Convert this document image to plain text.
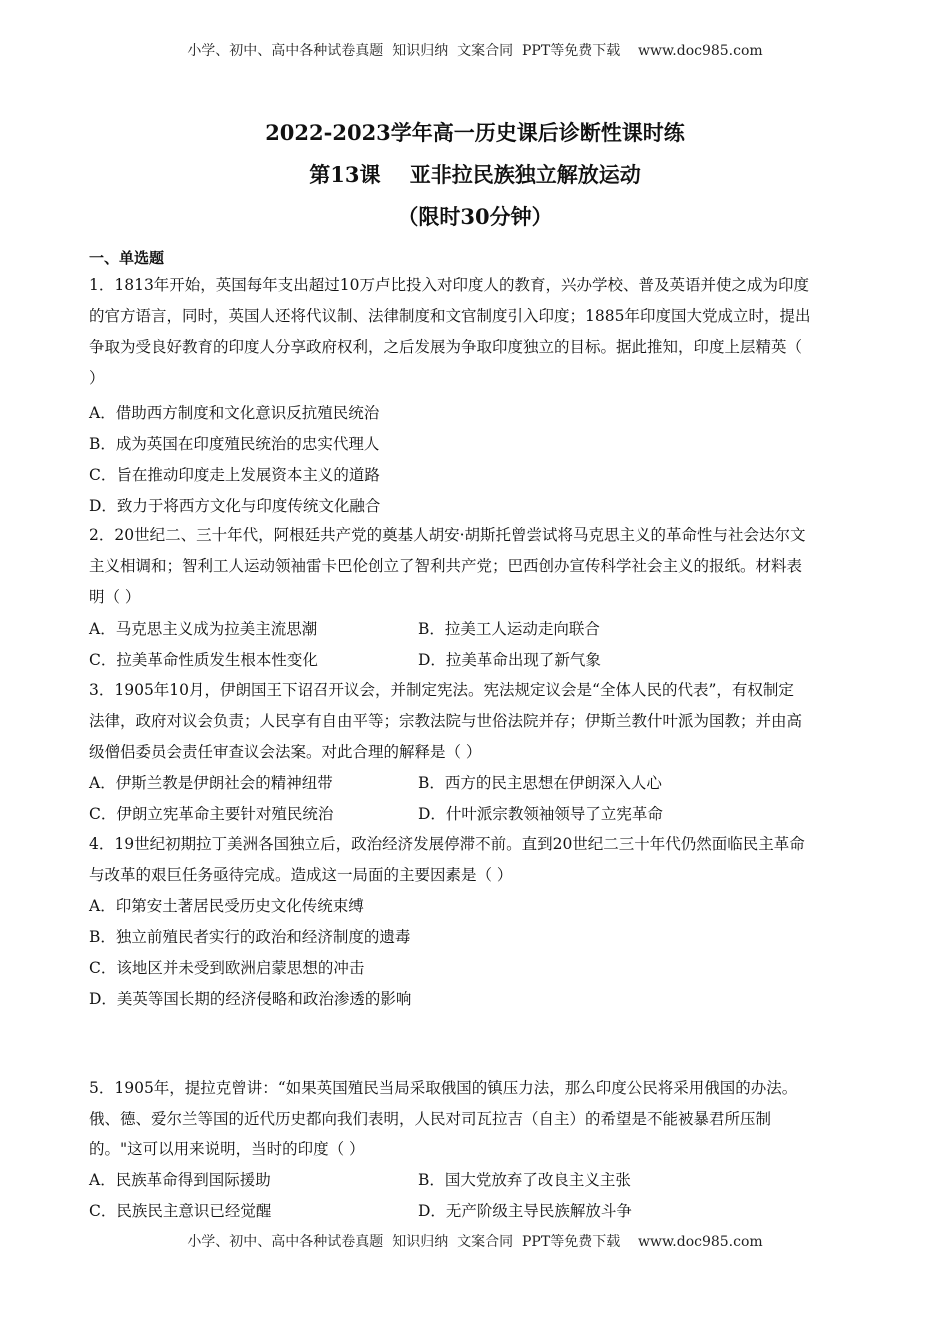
小学、初中、高中各种试卷真题  知识归纳  文案合同  PPT等免费下载    www.doc985.com
2022-2023学年高一历史课后诊断性课时练
第13课    亚非拉民族独立解放运动
（限时30分钟）
一、单选题
1．1813年开始，英国每年支出超过10万卢比投入对印度人的教育，兴办学校、普及英语并使之成为印度
的官方语言，同时，英国人还将代议制、法律制度和文官制度引入印度；1885年印度国大党成立时，提出
争取为受良好教育的印度人分享政府权利，之后发展为争取印度独立的目标。据此推知，印度上层精英（
）
A．借助西方制度和文化意识反抗殖民统治
B．成为英国在印度殖民统治的忠实代理人
C．旨在推动印度走上发展资本主义的道路
D．致力于将西方文化与印度传统文化融合
2．20世纪二、三十年代，阿根廷共产党的奠基人胡安·胡斯托曾尝试将马克思主义的革命性与社会达尔文
主义相调和；智利工人运动领袖雷卡巴伦创立了智利共产党；巴西创办宣传科学社会主义的报纸。材料表
明（ ）
A．马克思主义成为拉美主流思潮	B．拉美工人运动走向联合
C．拉美革命性质发生根本性变化	D．拉美革命出现了新气象
3．1905年10月，伊朗国王下诏召开议会，并制定宪法。宪法规定议会是“全体人民的代表”，有权制定
法律，政府对议会负责；人民享有自由平等；宗教法院与世俗法院并存；伊斯兰教什叶派为国教；并由高
级僧侣委员会责任审查议会法案。对此合理的解释是（ ）
A．伊斯兰教是伊朗社会的精神纽带	B．西方的民主思想在伊朗深入人心
C．伊朗立宪革命主要针对殖民统治	D．什叶派宗教领袖领导了立宪革命
4．19世纪初期拉丁美洲各国独立后，政治经济发展停滞不前。直到20世纪二三十年代仍然面临民主革命
与改革的艰巨任务亟待完成。造成这一局面的主要因素是（ ）
A．印第安土著居民受历史文化传统束缚
B．独立前殖民者实行的政治和经济制度的遗毒
C．该地区并未受到欧洲启蒙思想的冲击
D．美英等国长期的经济侵略和政治渗透的影响
5．1905年，提拉克曾讲：“如果英国殖民当局采取俄国的镇压力法，那么印度公民将采用俄国的办法。
俄、德、爱尔兰等国的近代历史都向我们表明，人民对司瓦拉吉（自主）的希望是不能被暴君所压制
的。"这可以用来说明，当时的印度（ ）
A．民族革命得到国际援助	B．国大党放弃了改良主义主张
C．民族民主意识已经觉醒	D．无产阶级主导民族解放斗争
小学、初中、高中各种试卷真题  知识归纳  文案合同  PPT等免费下载    www.doc985.com
